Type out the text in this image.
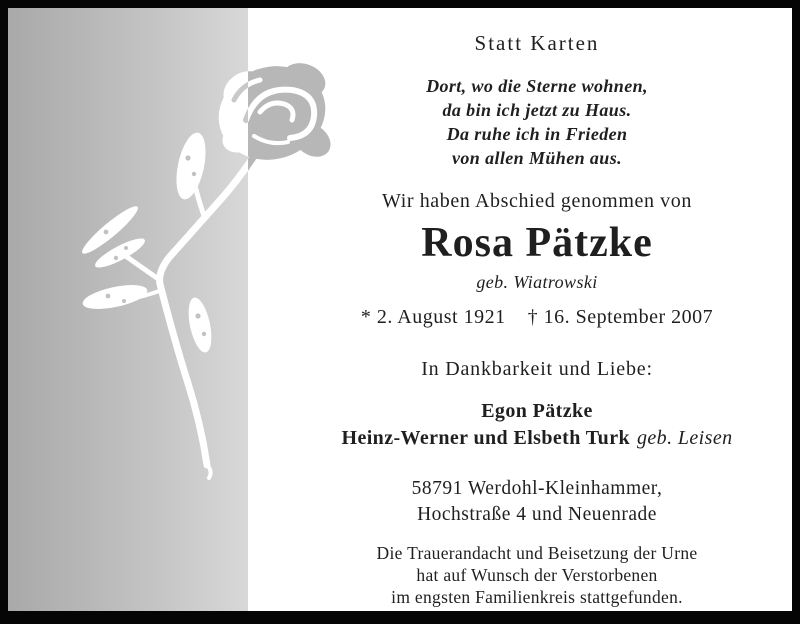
Statt Karten
Dort, wo die Sterne wohnen,
da bin ich jetzt zu Haus.
Da ruhe ich in Frieden
von allen Mühen aus.
Wir haben Abschied genommen von
Rosa Pätzke
geb. Wiatrowski
* 2. August 1921 † 16. September 2007
In Dankbarkeit und Liebe:
Egon Pätzke
Heinz-Werner und Elsbeth Turk geb. Leisen
58791 Werdohl-Kleinhammer,
Hochstraße 4 und Neuenrade
Die Trauerandacht und Beisetzung der Urne
hat auf Wunsch der Verstorbenen
im engsten Familienkreis stattgefunden.
